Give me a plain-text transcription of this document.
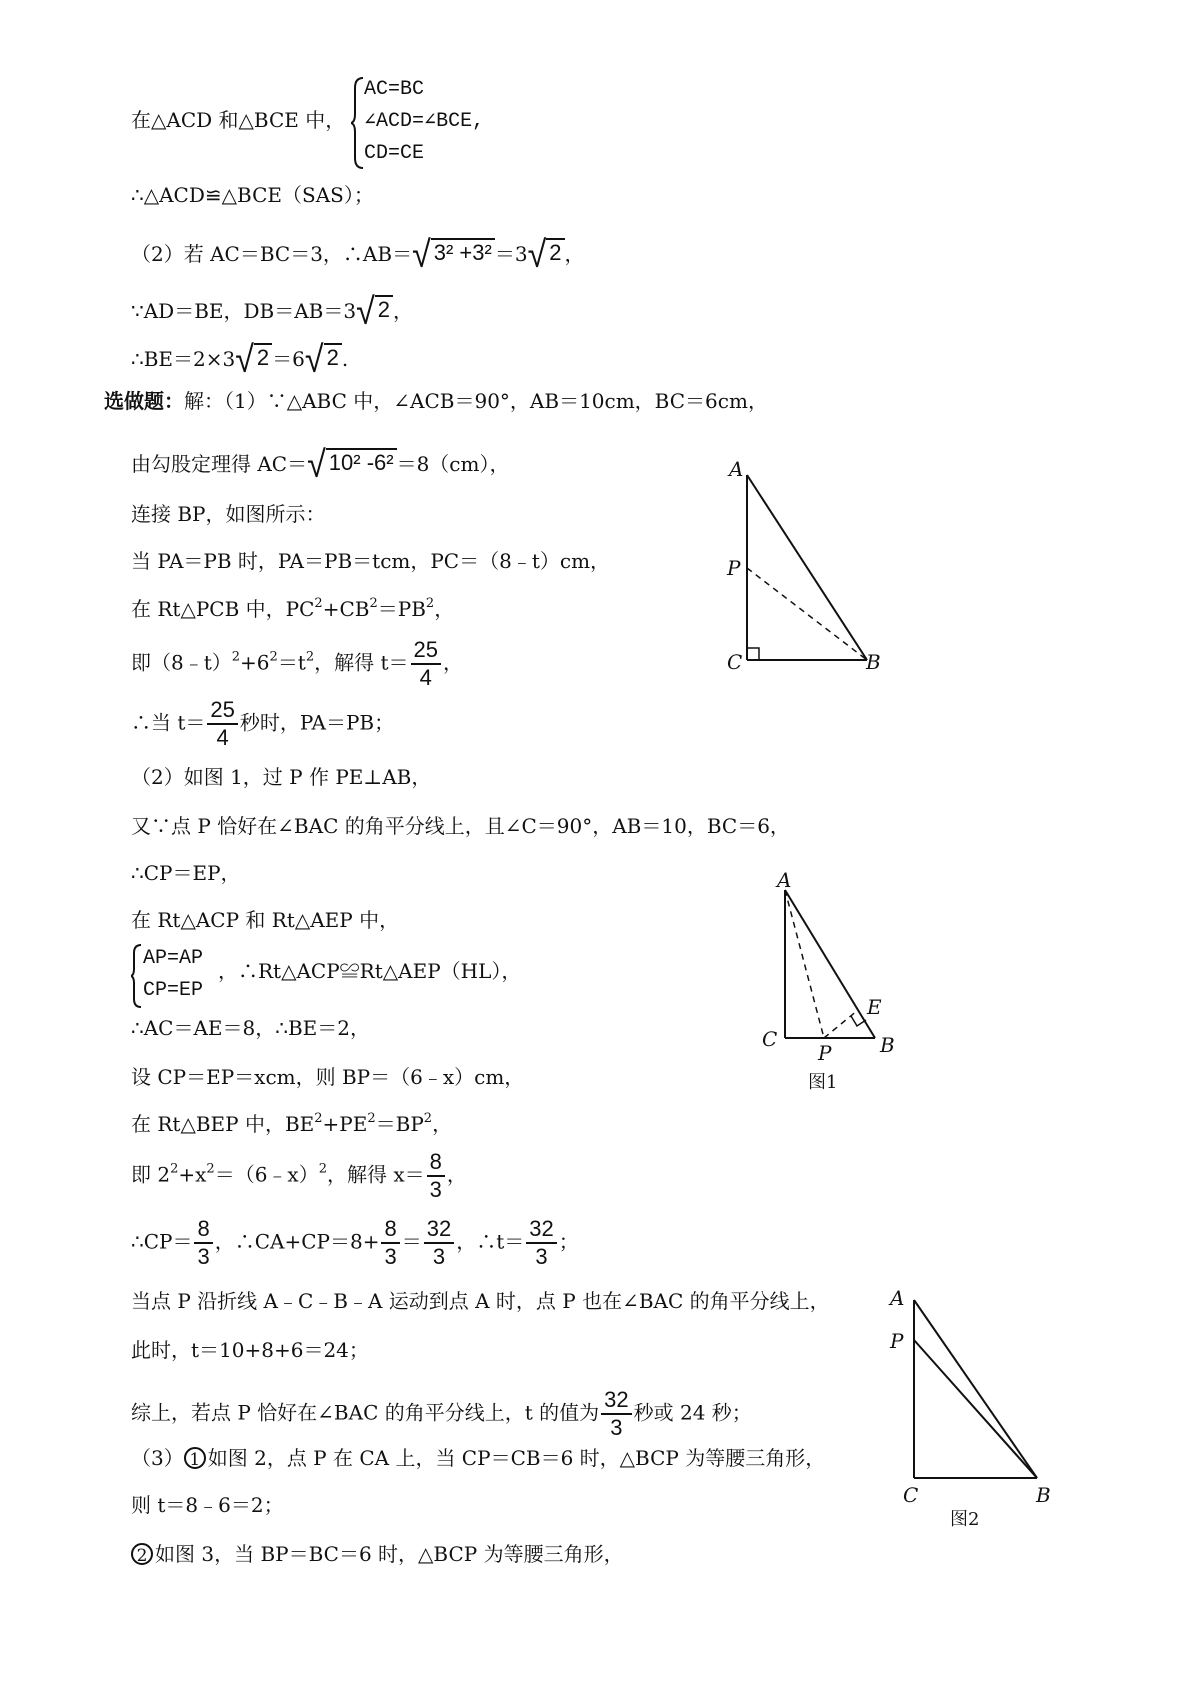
在△ACD 和△BCE 中，
AC=BC
∠ACD=∠BCE,
CD=CE
∴△ACD≌△BCE（SAS）；
（2）若 AC＝BC＝3，∴AB＝√ 3² +3² ＝3√ 2 ，
∵AD＝BE，DB＝AB＝3√ 2 ，
∴BE＝2×3√ 2 ＝6√ 2 .
选做题：解：（1）∵△ABC 中，∠ACB＝90°，AB＝10cm，BC＝6cm，
由勾股定理得 AC＝√ 10² -6² ＝8（cm），
连接 BP，如图所示：
当 PA＝PB 时，PA＝PB＝tcm，PC＝（8﹣t）cm，
在 Rt△PCB 中，$PC^2+CB^2=PB^2$，
即$(8﹣t)^2+6^2=t^2$，解得 $t= \frac{25}{4}$ ，
∴当 $t= \frac{25}{4}$ 秒时，PA＝PB；
（2）如图 1，过 P 作 PE⊥AB，
又∵点 P 恰好在∠BAC 的角平分线上，且∠C＝90°，AB＝10，BC＝6，
∴CP＝EP，
在 Rt△ACP 和 Rt△AEP 中，
AP=AP
CP=EP
，∴Rt△ACP≌Rt△AEP（HL），
∴AC＝AE＝8，∴BE＝2，
设 CP＝EP＝xcm，则 BP＝（6﹣x）cm，
在 Rt△BEP 中，$BE^2+PE^2=BP^2$，
即 $2^2+x^2=(6﹣x)^2$，解得 $x= \frac{8}{3}$ ，
∴CP＝ $\frac{8}{3}$ ，∴CA+CP＝8+ $\frac{8}{3} = \frac{32}{3}$ ，∴t＝ $\frac{32}{3}$ ；
当点 P 沿折线 A﹣C﹣B﹣A 运动到点 A 时，点 P 也在∠BAC 的角平分线上，
此时，t＝10+8+6＝24；
综上，若点 P 恰好在∠BAC 的角平分线上，t 的值为 $\frac{32}{3}$ 秒或 24 秒；
（3） 1 如图 2，点 P 在 CA 上，当 CP＝CB＝6 时，△BCP 为等腰三角形，
则 t＝8﹣6＝2；
2 如图 3，当 BP＝BC＝6 时，△BCP 为等腰三角形，
A
P
C	B
A
E
C
P B
图1
A
P
C	B
图2
